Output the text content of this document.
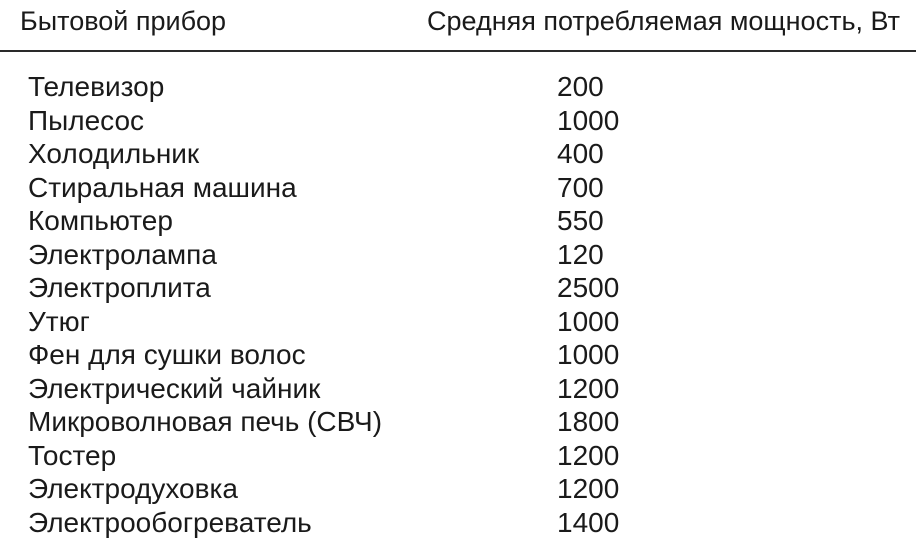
Бытовой прибор	Средняя потребляемая мощность, Вт
Телевизор	200
Пылесос	1000
Холодильник	400
Стиральная машина	700
Компьютер	550
Электролампа	120
Электроплита	2500
Утюг	1000
Фен для сушки волос	1000
Электрический чайник	1200
Микроволновая печь (СВЧ)	1800
Тостер	1200
Электродуховка	1200
Электрообогреватель	1400
